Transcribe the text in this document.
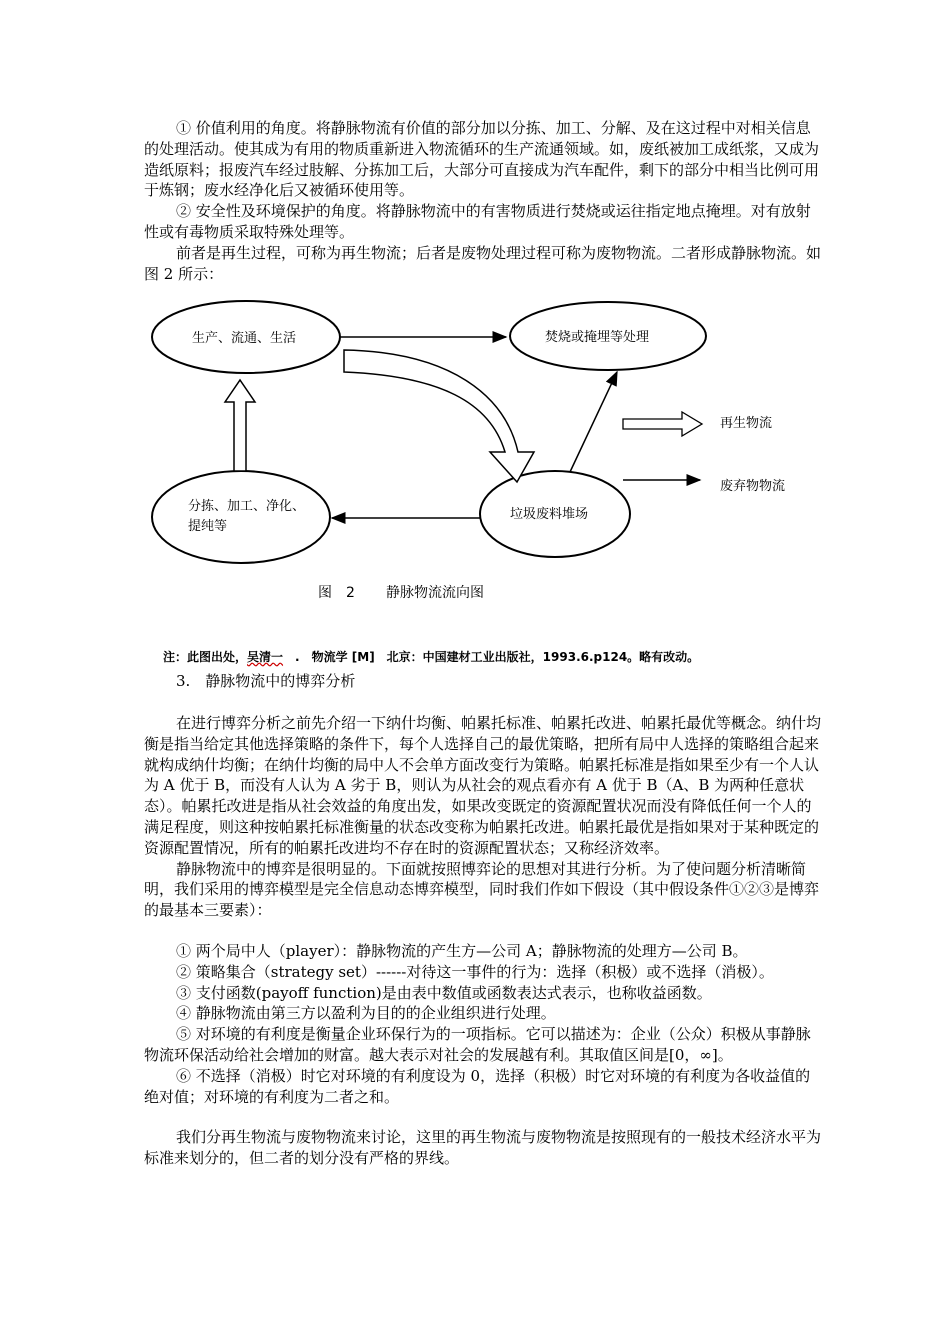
① 价值利用的角度。将静脉物流有价值的部分加以分拣、加工、分解、及在这过程中对相关信息的处理活动。使其成为有用的物质重新进入物流循环的生产流通领域。如，废纸被加工成纸浆，又成为造纸原料；报废汽车经过肢解、分拣加工后，大部分可直接成为汽车配件，剩下的部分中相当比例可用于炼钢；废水经净化后又被循环使用等。

② 安全性及环境保护的角度。将静脉物流中的有害物质进行焚烧或运往指定地点掩埋。对有放射性或有毒物质采取特殊处理等。

前者是再生过程，可称为再生物流；后者是废物处理过程可称为废物物流。二者形成静脉物流。如图 2 所示：

生产、流通、生活	焚烧或掩埋等处理
分拣、加工、净化、
提纯等
垃圾废料堆场
再生物流
废弃物物流
图　2 静脉物流流向图
注：此图出处，吴清一　.　物流学 [M]　北京：中国建材工业出版社，1993.6.p124。略有改动。
3.　静脉物流中的博弈分析

在进行博弈分析之前先介绍一下纳什均衡、帕累托标准、帕累托改进、帕累托最优等概念。纳什均衡是指当给定其他选择策略的条件下，每个人选择自己的最优策略，把所有局中人选择的策略组合起来就构成纳什均衡；在纳什均衡的局中人不会单方面改变行为策略。帕累托标准是指如果至少有一个人认为 A 优于 B，而没有人认为 A 劣于 B，则认为从社会的观点看亦有 A 优于 B（A、B 为两种任意状态）。帕累托改进是指从社会效益的角度出发，如果改变既定的资源配置状况而没有降低任何一个人的满足程度，则这种按帕累托标准衡量的状态改变称为帕累托改进。帕累托最优是指如果对于某种既定的资源配置情况，所有的帕累托改进均不存在时的资源配置状态；又称经济效率。

静脉物流中的博弈是很明显的。下面就按照博弈论的思想对其进行分析。为了使问题分析清晰简明，我们采用的博弈模型是完全信息动态博弈模型，同时我们作如下假设（其中假设条件①②③是博弈的最基本三要素）：

① 两个局中人（player）：静脉物流的产生方—公司 A；静脉物流的处理方—公司 B。

② 策略集合（strategy set）------对待这一事件的行为：选择（积极）或不选择（消极）。

③ 支付函数(payoff function)是由表中数值或函数表达式表示，也称收益函数。

④ 静脉物流由第三方以盈利为目的的企业组织进行处理。

⑤ 对环境的有利度是衡量企业环保行为的一项指标。它可以描述为：企业（公众）积极从事静脉物流环保活动给社会增加的财富。越大表示对社会的发展越有利。其取值区间是[0，∞]。

⑥ 不选择（消极）时它对环境的有利度设为 0，选择（积极）时它对环境的有利度为各收益值的绝对值；对环境的有利度为二者之和。

我们分再生物流与废物物流来讨论，这里的再生物流与废物物流是按照现有的一般技术经济水平为标准来划分的，但二者的划分没有严格的界线。
